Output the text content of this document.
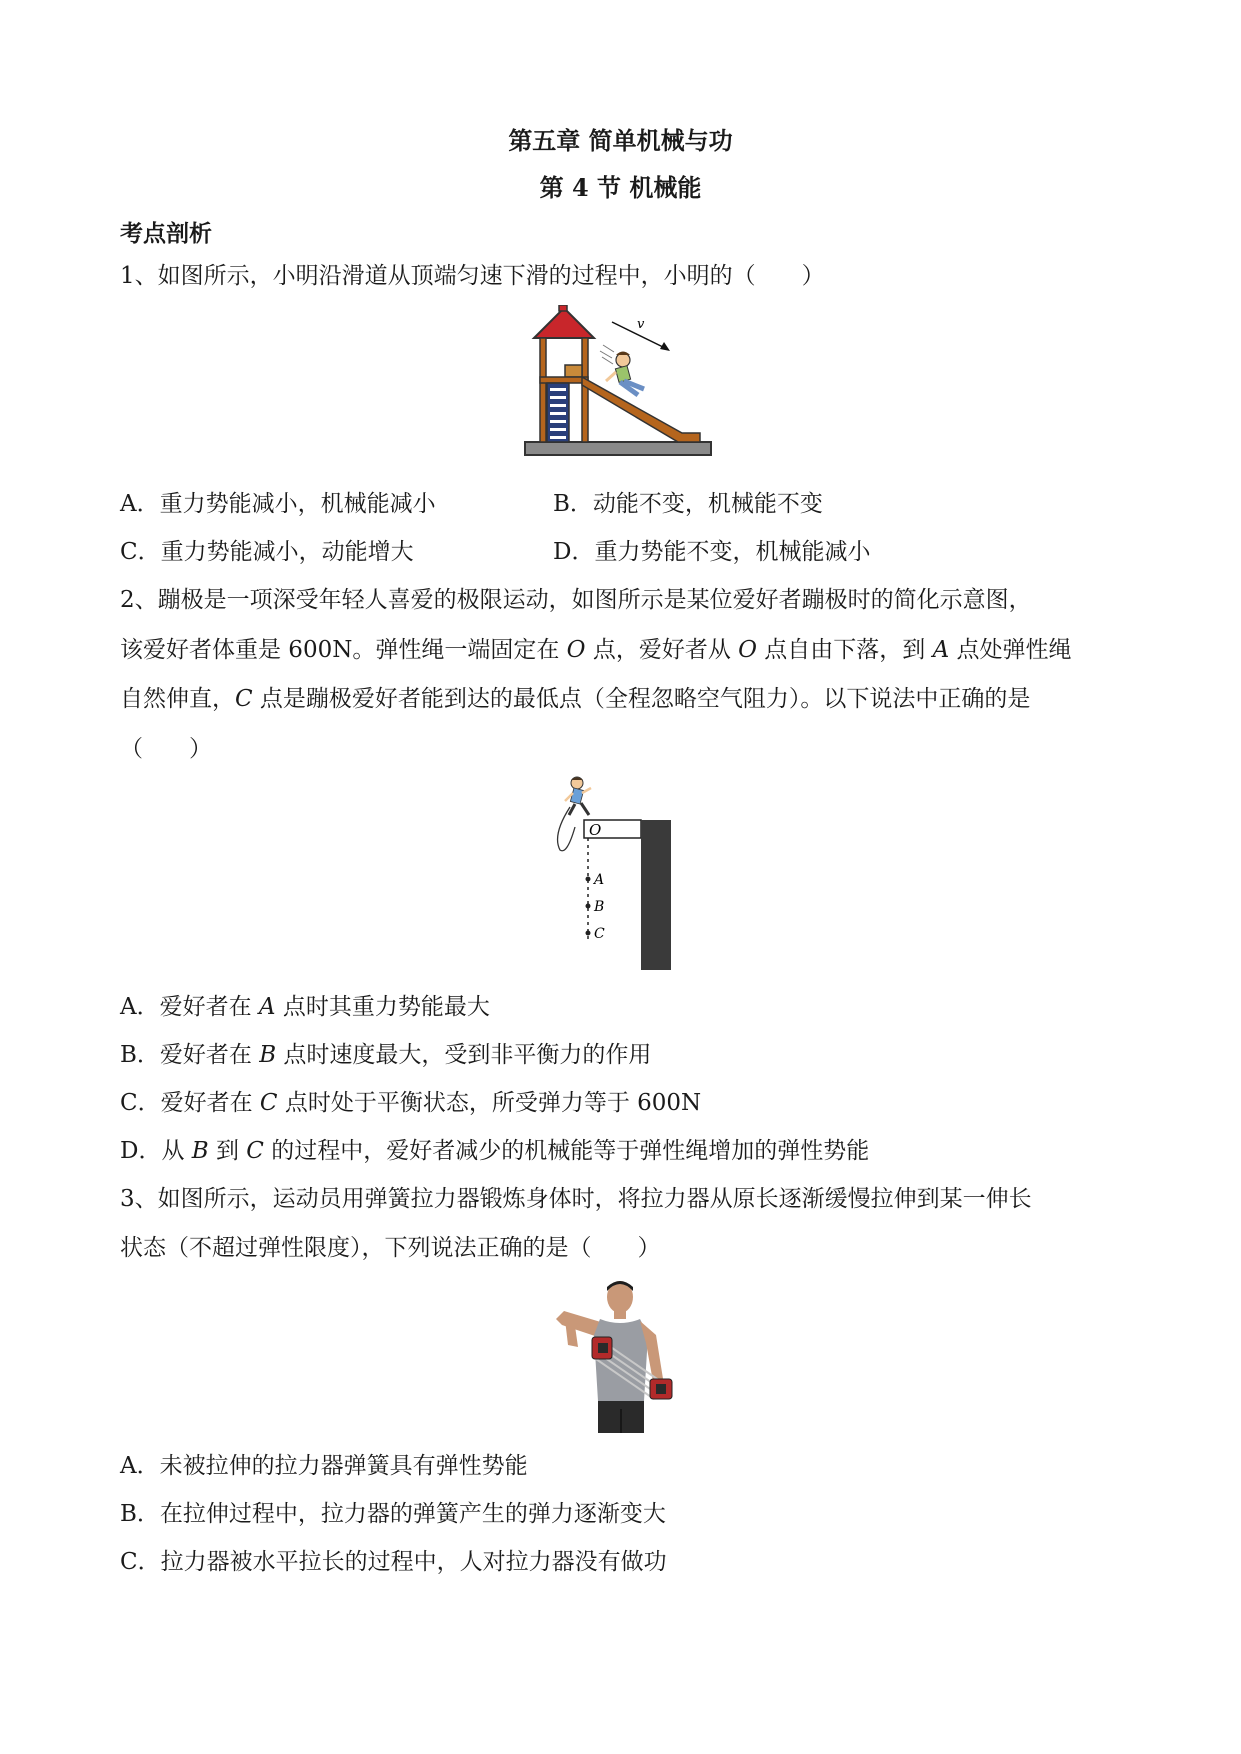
第五章 简单机械与功
第 4 节 机械能
考点剖析
1、如图所示，小明沿滑道从顶端匀速下滑的过程中，小明的（　　）
v
A．重力势能减小，机械能减小	B．动能不变，机械能不变
C．重力势能减小，动能增大	D．重力势能不变，机械能减小
2、蹦极是一项深受年轻人喜爱的极限运动，如图所示是某位爱好者蹦极时的简化示意图，
该爱好者体重是 600N。弹性绳一端固定在 O 点，爱好者从 O 点自由下落，到 A 点处弹性绳
自然伸直，C 点是蹦极爱好者能到达的最低点（全程忽略空气阻力）。以下说法中正确的是
（　　）
O
A
B
C
A．爱好者在 A 点时其重力势能最大
B．爱好者在 B 点时速度最大，受到非平衡力的作用
C．爱好者在 C 点时处于平衡状态，所受弹力等于 600N
D．从 B 到 C 的过程中，爱好者减少的机械能等于弹性绳增加的弹性势能
3、如图所示，运动员用弹簧拉力器锻炼身体时，将拉力器从原长逐渐缓慢拉伸到某一伸长
状态（不超过弹性限度），下列说法正确的是（　　）
A．未被拉伸的拉力器弹簧具有弹性势能
B．在拉伸过程中，拉力器的弹簧产生的弹力逐渐变大
C．拉力器被水平拉长的过程中，人对拉力器没有做功
